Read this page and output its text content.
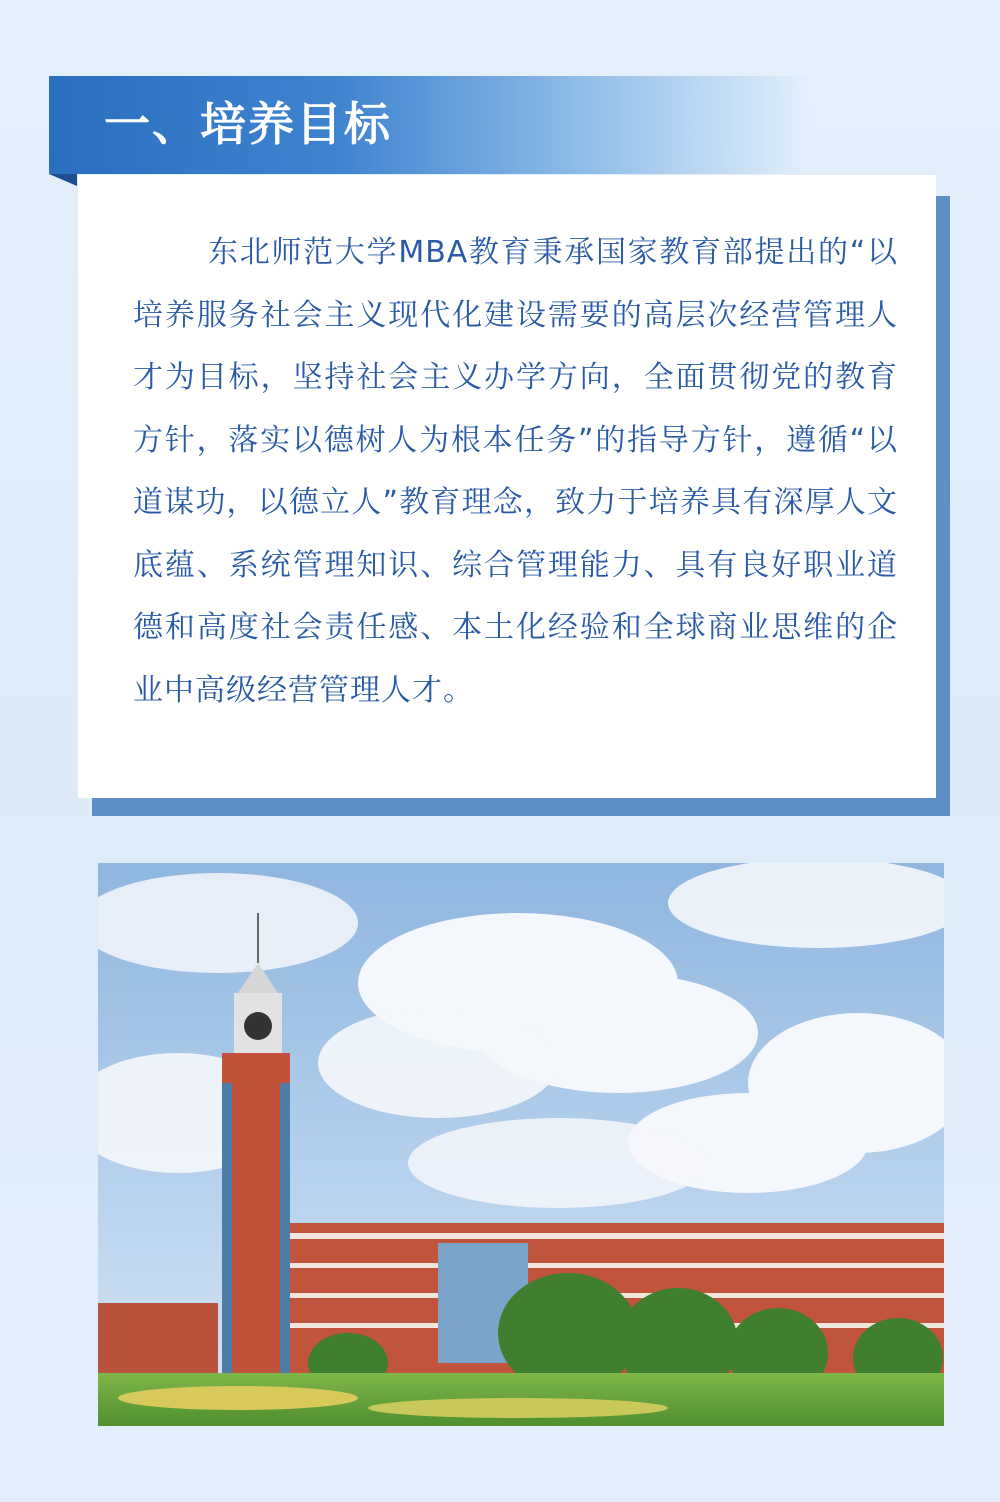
一、培养目标

东北师范大学MBA教育秉承国家教育部提出的“以培养服务社会主义现代化建设需要的高层次经营管理人才为目标，坚持社会主义办学方向，全面贯彻党的教育方针，落实以德树人为根本任务”的指导方针，遵循“以道谋功，以德立人”教育理念，致力于培养具有深厚人文底蕴、系统管理知识、综合管理能力、具有良好职业道德和高度社会责任感、本土化经验和全球商业思维的企业中高级经营管理人才。
